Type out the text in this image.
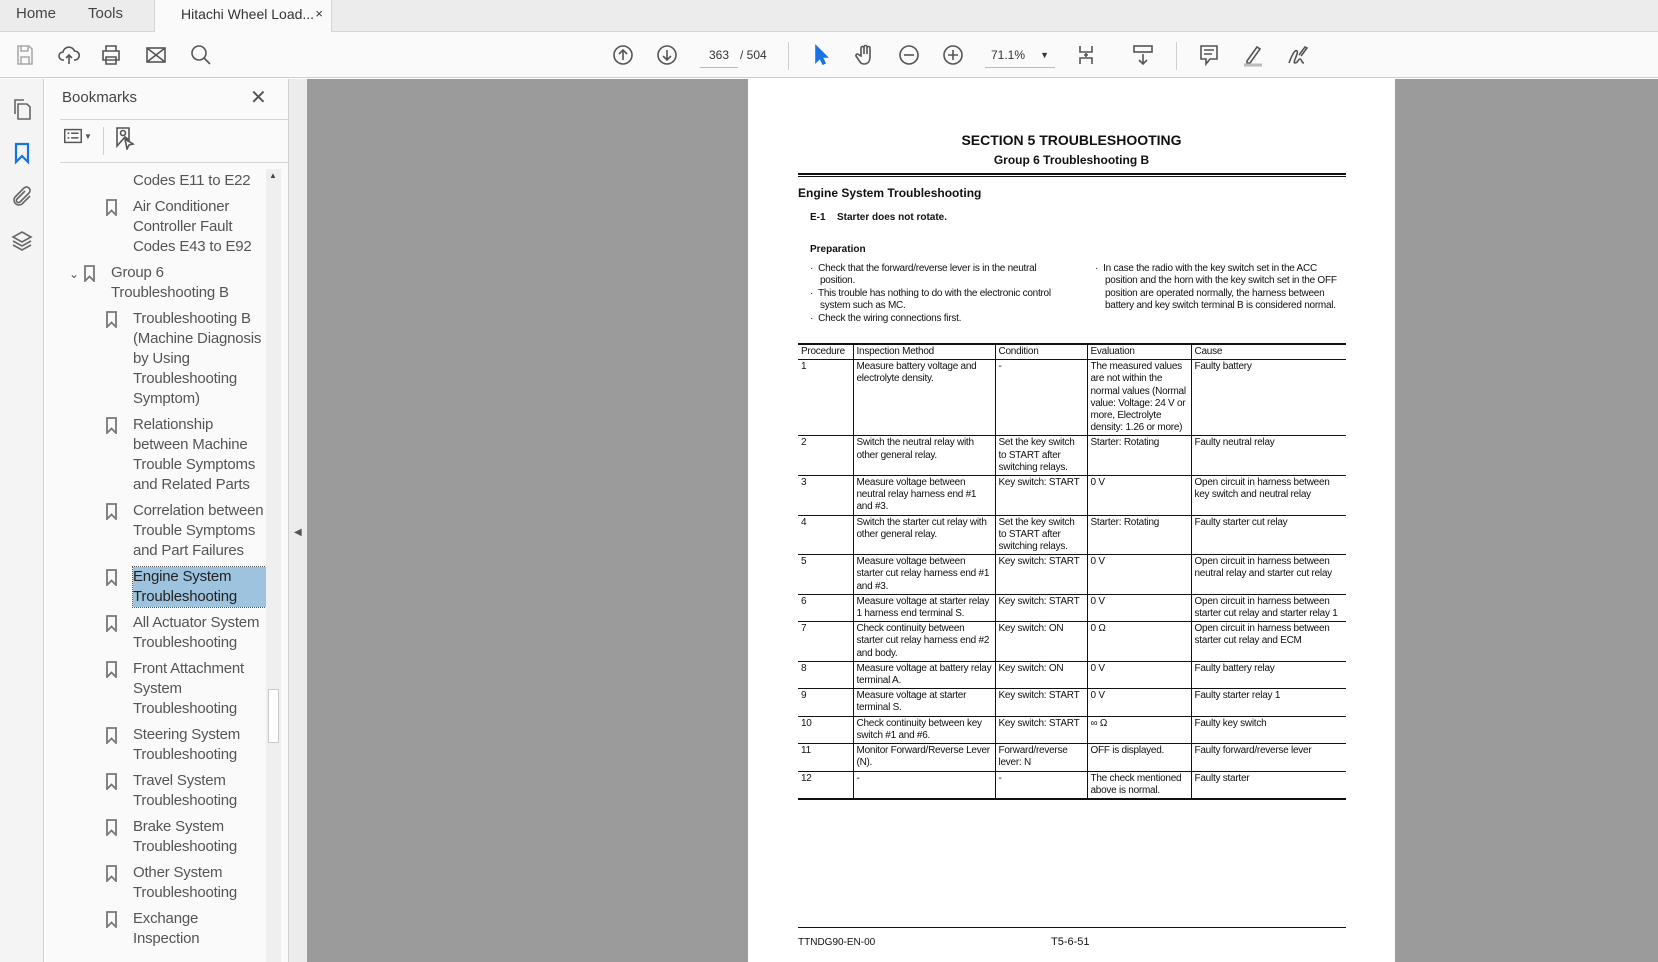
Home Tools	Hitachi Wheel Load... ×
363 / 504	71.1% ▼
Bookmarks	✕
▼
Codes E11 to E22
Air Conditioner Controller Fault Codes E43 to E92
⌄ Group 6 Troubleshooting B
Troubleshooting B (Machine Diagnosis by Using Troubleshooting Symptom)
Relationship between Machine Trouble Symptoms and Related Parts
Correlation between Trouble Symptoms and Part Failures
Engine System Troubleshooting
All Actuator System Troubleshooting
Front Attachment System Troubleshooting
Steering System Troubleshooting
Travel System Troubleshooting
Brake System Troubleshooting
Other System Troubleshooting
Exchange Inspection
▲
◀
SECTION 5 TROUBLESHOOTING
Group 6 Troubleshooting B
Engine System Troubleshooting
E-1 Starter does not rotate.
Preparation
·  Check that the forward/reverse lever is in the neutral position.
·  This trouble has nothing to do with the electronic control system such as MC.
·  Check the wiring connections first.
·  In case the radio with the key switch set in the ACC position and the horn with the key switch set in the OFF position are operated normally, the harness between battery and key switch terminal B is considered normal.
Procedure	Inspection Method	Condition	Evaluation	Cause
1	Measure battery voltage and electrolyte density.	-	The measured values are not within the normal values (Normal value: Voltage: 24 V or more, Electrolyte density: 1.26 or more)	Faulty battery
2	Switch the neutral relay with other general relay.	Set the key switch to START after switching relays.	Starter: Rotating	Faulty neutral relay
3	Measure voltage between neutral relay harness end #1 and #3.	Key switch: START	0 V	Open circuit in harness between key switch and neutral relay
4	Switch the starter cut relay with other general relay.	Set the key switch to START after switching relays.	Starter: Rotating	Faulty starter cut relay
5	Measure voltage between starter cut relay harness end #1 and #3.	Key switch: START	0 V	Open circuit in harness between neutral relay and starter cut relay
6	Measure voltage at starter relay 1 harness end terminal S.	Key switch: START	0 V	Open circuit in harness between starter cut relay and starter relay 1
7	Check continuity between starter cut relay harness end #2 and body.	Key switch: ON	0 Ω	Open circuit in harness between starter cut relay and ECM
8	Measure voltage at battery relay terminal A.	Key switch: ON	0 V	Faulty battery relay
9	Measure voltage at starter terminal S.	Key switch: START	0 V	Faulty starter relay 1
10	Check continuity between key switch #1 and #6.	Key switch: START	∞ Ω	Faulty key switch
11	Monitor Forward/Reverse Lever (N).	Forward/reverse lever: N	OFF is displayed.	Faulty forward/reverse lever
12	-	-	The check mentioned above is normal.	Faulty starter
TTNDG90-EN-00	T5-6-51
